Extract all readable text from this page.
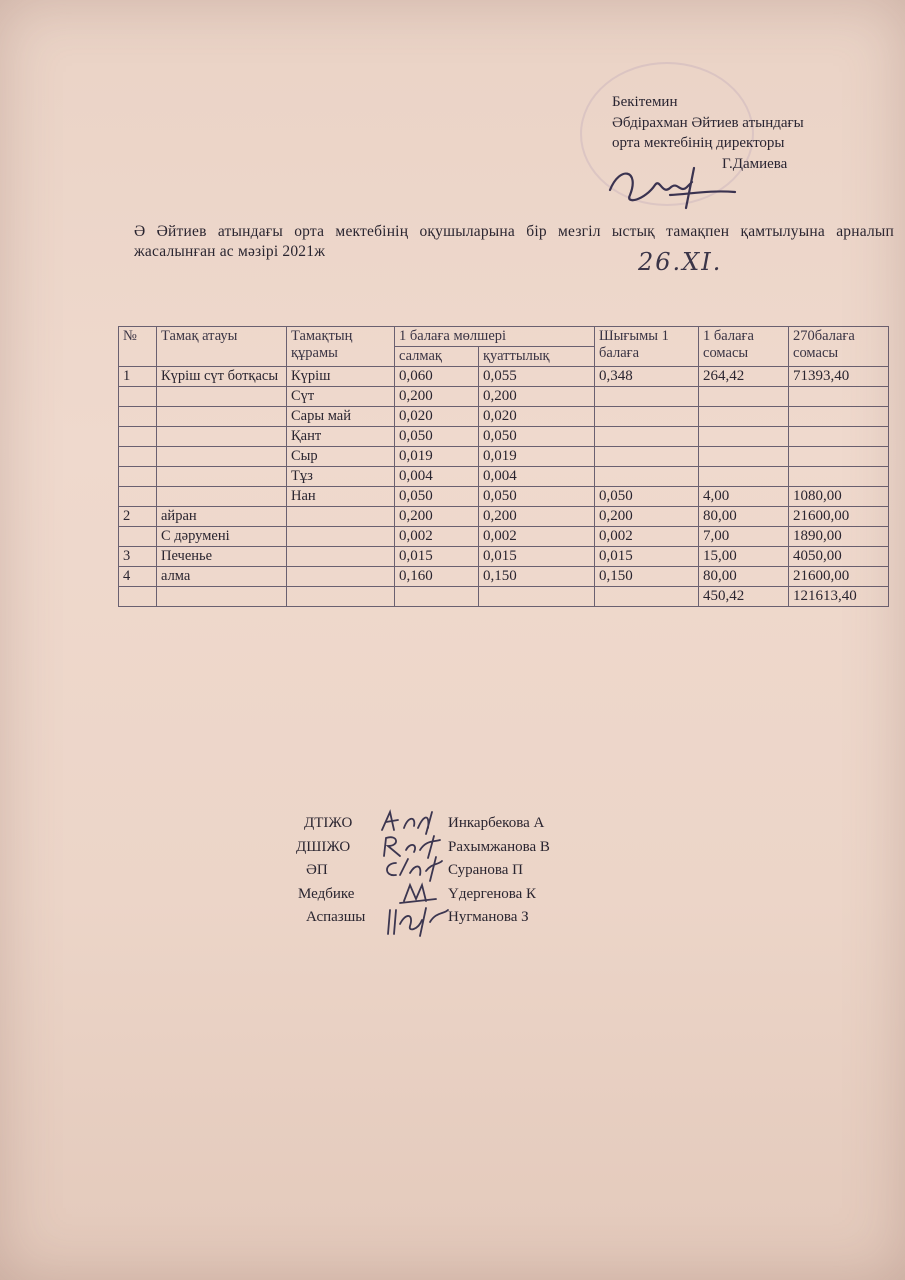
Бекітемин
Әбдірахман Әйтиев атындағы
орта мектебінің директоры
Г.Дамиева
Ә Әйтиев атындағы орта мектебінің оқушыларына бір мезгіл ыстық тамақпен қамтылуына арналып жасалынған ас мәзірі 2021ж	26.XI.
№	Тамақ атауы	Тамақтың құрамы	1 балаға мөлшері		Шығымы 1 балаға	1 балаға сомасы	270балаға сомасы
			салмақ	қуаттылық			
1	Күріш сүт ботқасы	Күріш	0,060	0,055	0,348	264,42	71393,40
		Сүт	0,200	0,200			
		Сары май	0,020	0,020			
		Қант	0,050	0,050			
		Сыр	0,019	0,019			
		Тұз	0,004	0,004			
		Нан	0,050	0,050	0,050	4,00	1080,00
2	айран		0,200	0,200	0,200	80,00	21600,00
	С дәрумені		0,002	0,002	0,002	7,00	1890,00
3	Печенье		0,015	0,015	0,015	15,00	4050,00
4	алма		0,160	0,150	0,150	80,00	21600,00
						450,42	121613,40
ДТІЖО	Инкарбекова А
ДШІЖО	Рахымжанова В
ӘП	Суранова П
Медбике	Үдергенова К
Аспазшы	Нугманова З
